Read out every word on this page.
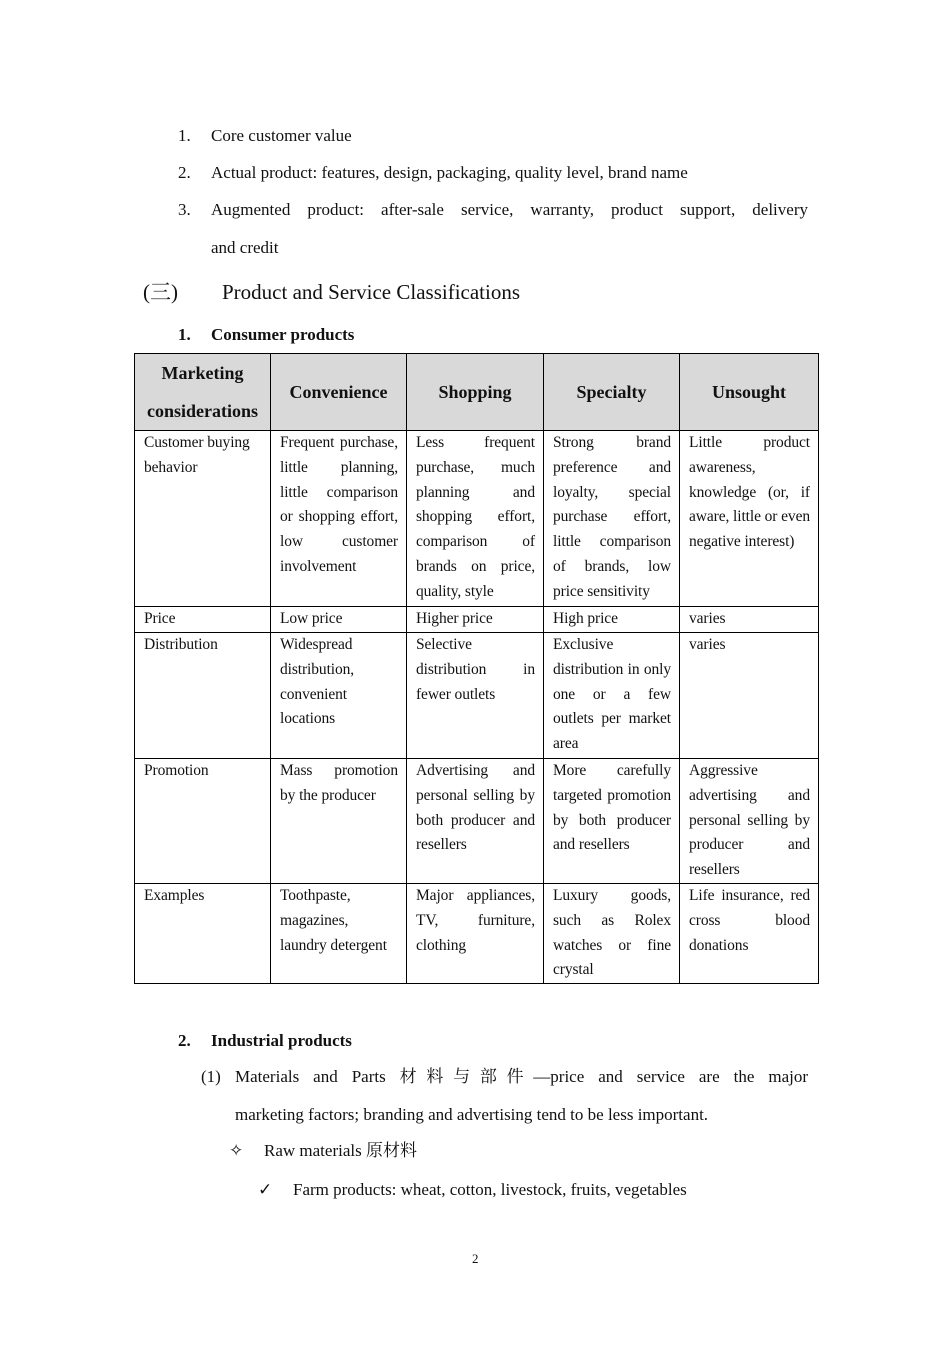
1. Core customer value
2. Actual product: features, design, packaging, quality level, brand name
3. Augmented product: after-sale service, warranty, product support, delivery
and credit
(三) Product and Service Classifications
1. Consumer products
Marketing considerations	Convenience	Shopping	Specialty	Unsought
Customer buying behavior	Frequent purchase, little planning, little comparison or shopping effort, low customer involvement	Less frequent purchase, much planning and shopping effort, comparison of brands on price, quality, style	Strong brand preference and loyalty, special purchase effort, little comparison of brands, low price sensitivity	Little product awareness, knowledge (or, if aware, little or even negative interest)
Price	Low price	Higher price	High price	varies
Distribution	Widespread distribution, convenient locations	Selective distribution in fewer outlets	Exclusive distribution in only one or a few outlets per market area	varies
Promotion	Mass promotion by the producer	Advertising and personal selling by both producer and resellers	More carefully targeted promotion by both producer and resellers	Aggressive advertising and personal selling by producer and resellers
Examples	Toothpaste, magazines, laundry detergent	Major appliances, TV, furniture, clothing	Luxury goods, such as Rolex watches or fine crystal	Life insurance, red cross blood donations
2. Industrial products
(1) Materials and Parts 材料与部件—price and service are the major
marketing factors; branding and advertising tend to be less important.
✧ Raw materials 原材料
✓ Farm products: wheat, cotton, livestock, fruits, vegetables
2
